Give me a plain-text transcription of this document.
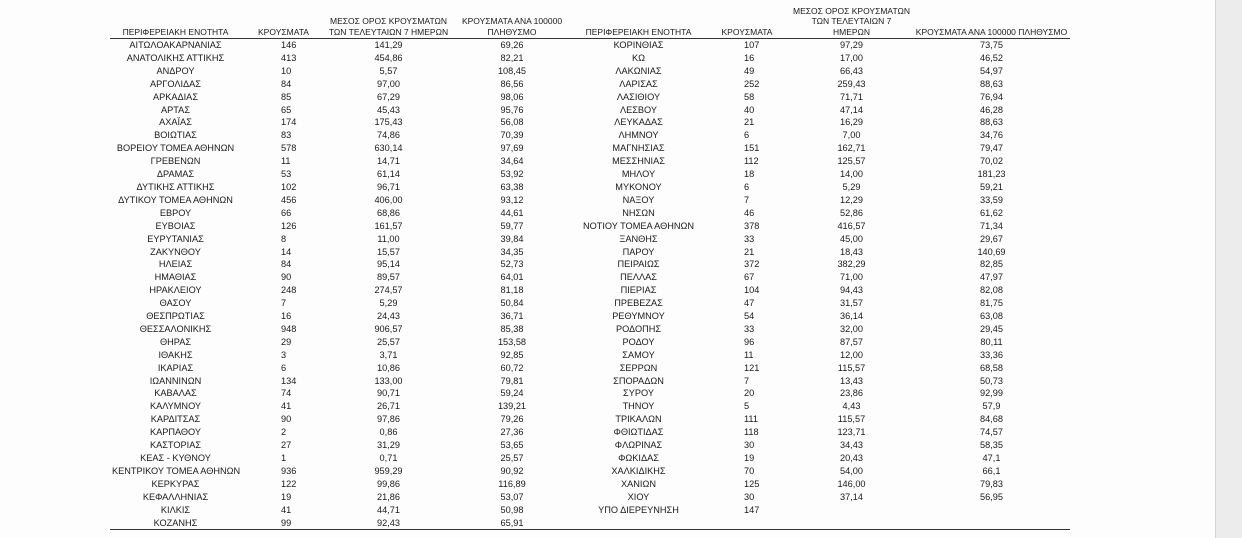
ΠΕΡΙΦΕΡΕΙΑΚΗ ΕΝΟΤΗΤΑ	ΚΡΟΥΣΜΑΤΑ	ΜΕΣΟΣ ΟΡΟΣ ΚΡΟΥΣΜΑΤΩΝ ΤΩΝ ΤΕΛΕΥΤΑΙΩΝ 7 ΗΜΕΡΩΝ	ΚΡΟΥΣΜΑΤΑ ΑΝΑ 100000 ΠΛΗΘΥΣΜΟ	ΠΕΡΙΦΕΡΕΙΑΚΗ ΕΝΟΤΗΤΑ	ΚΡΟΥΣΜΑΤΑ	ΜΕΣΟΣ ΟΡΟΣ ΚΡΟΥΣΜΑΤΩΝ ΤΩΝ ΤΕΛΕΥΤΑΙΩΝ 7 ΗΜΕΡΩΝ	ΚΡΟΥΣΜΑΤΑ ΑΝΑ 100000 ΠΛΗΘΥΣΜΟ
ΑΙΤΩΛΟΑΚΑΡΝΑΝΙΑΣ	146	141,29	69,26	ΚΟΡΙΝΘΙΑΣ	107	97,29	73,75
ΑΝΑΤΟΛΙΚΗΣ ΑΤΤΙΚΗΣ	413	454,86	82,21	ΚΩ	16	17,00	46,52
ΑΝΔΡΟΥ	10	5,57	108,45	ΛΑΚΩΝΙΑΣ	49	66,43	54,97
ΑΡΓΟΛΙΔΑΣ	84	97,00	86,56	ΛΑΡΙΣΑΣ	252	259,43	88,63
ΑΡΚΑΔΙΑΣ	85	67,29	98,06	ΛΑΣΙΘΙΟΥ	58	71,71	76,94
ΑΡΤΑΣ	65	45,43	95,76	ΛΕΣΒΟΥ	40	47,14	46,28
ΑΧΑΪΑΣ	174	175,43	56,08	ΛΕΥΚΑΔΑΣ	21	16,29	88,63
ΒΟΙΩΤΙΑΣ	83	74,86	70,39	ΛΗΜΝΟΥ	6	7,00	34,76
ΒΟΡΕΙΟΥ ΤΟΜΕΑ ΑΘΗΝΩΝ	578	630,14	97,69	ΜΑΓΝΗΣΙΑΣ	151	162,71	79,47
ΓΡΕΒΕΝΩΝ	11	14,71	34,64	ΜΕΣΣΗΝΙΑΣ	112	125,57	70,02
ΔΡΑΜΑΣ	53	61,14	53,92	ΜΗΛΟΥ	18	14,00	181,23
ΔΥΤΙΚΗΣ ΑΤΤΙΚΗΣ	102	96,71	63,38	ΜΥΚΟΝΟΥ	6	5,29	59,21
ΔΥΤΙΚΟΥ ΤΟΜΕΑ ΑΘΗΝΩΝ	456	406,00	93,12	ΝΑΞΟΥ	7	12,29	33,59
ΕΒΡΟΥ	66	68,86	44,61	ΝΗΣΩΝ	46	52,86	61,62
ΕΥΒΟΙΑΣ	126	161,57	59,77	ΝΟΤΙΟΥ ΤΟΜΕΑ ΑΘΗΝΩΝ	378	416,57	71,34
ΕΥΡΥΤΑΝΙΑΣ	8	11,00	39,84	ΞΑΝΘΗΣ	33	45,00	29,67
ΖΑΚΥΝΘΟΥ	14	15,57	34,35	ΠΑΡΟΥ	21	18,43	140,69
ΗΛΕΙΑΣ	84	95,14	52,73	ΠΕΙΡΑΙΩΣ	372	382,29	82,85
ΗΜΑΘΙΑΣ	90	89,57	64,01	ΠΕΛΛΑΣ	67	71,00	47,97
ΗΡΑΚΛΕΙΟΥ	248	274,57	81,18	ΠΙΕΡΙΑΣ	104	94,43	82,08
ΘΑΣΟΥ	7	5,29	50,84	ΠΡΕΒΕΖΑΣ	47	31,57	81,75
ΘΕΣΠΡΩΤΙΑΣ	16	24,43	36,71	ΡΕΘΥΜΝΟΥ	54	36,14	63,08
ΘΕΣΣΑΛΟΝΙΚΗΣ	948	906,57	85,38	ΡΟΔΟΠΗΣ	33	32,00	29,45
ΘΗΡΑΣ	29	25,57	153,58	ΡΟΔΟΥ	96	87,57	80,11
ΙΘΑΚΗΣ	3	3,71	92,85	ΣΑΜΟΥ	11	12,00	33,36
ΙΚΑΡΙΑΣ	6	10,86	60,72	ΣΕΡΡΩΝ	121	115,57	68,58
ΙΩΑΝΝΙΝΩΝ	134	133,00	79,81	ΣΠΟΡΑΔΩΝ	7	13,43	50,73
ΚΑΒΑΛΑΣ	74	90,71	59,24	ΣΥΡΟΥ	20	23,86	92,99
ΚΑΛΥΜΝΟΥ	41	26,71	139,21	ΤΗΝΟΥ	5	4,43	57,9
ΚΑΡΔΙΤΣΑΣ	90	97,86	79,26	ΤΡΙΚΑΛΩΝ	111	115,57	84,68
ΚΑΡΠΑΘΟΥ	2	0,86	27,36	ΦΘΙΩΤΙΔΑΣ	118	123,71	74,57
ΚΑΣΤΟΡΙΑΣ	27	31,29	53,65	ΦΛΩΡΙΝΑΣ	30	34,43	58,35
ΚΕΑΣ - ΚΥΘΝΟΥ	1	0,71	25,57	ΦΩΚΙΔΑΣ	19	20,43	47,1
ΚΕΝΤΡΙΚΟΥ ΤΟΜΕΑ ΑΘΗΝΩΝ	936	959,29	90,92	ΧΑΛΚΙΔΙΚΗΣ	70	54,00	66,1
ΚΕΡΚΥΡΑΣ	122	99,86	116,89	ΧΑΝΙΩΝ	125	146,00	79,83
ΚΕΦΑΛΛΗΝΙΑΣ	19	21,86	53,07	ΧΙΟΥ	30	37,14	56,95
ΚΙΛΚΙΣ	41	44,71	50,98	ΥΠΟ ΔΙΕΡΕΥΝΗΣΗ	147		
ΚΟΖΑΝΗΣ	99	92,43	65,91				
